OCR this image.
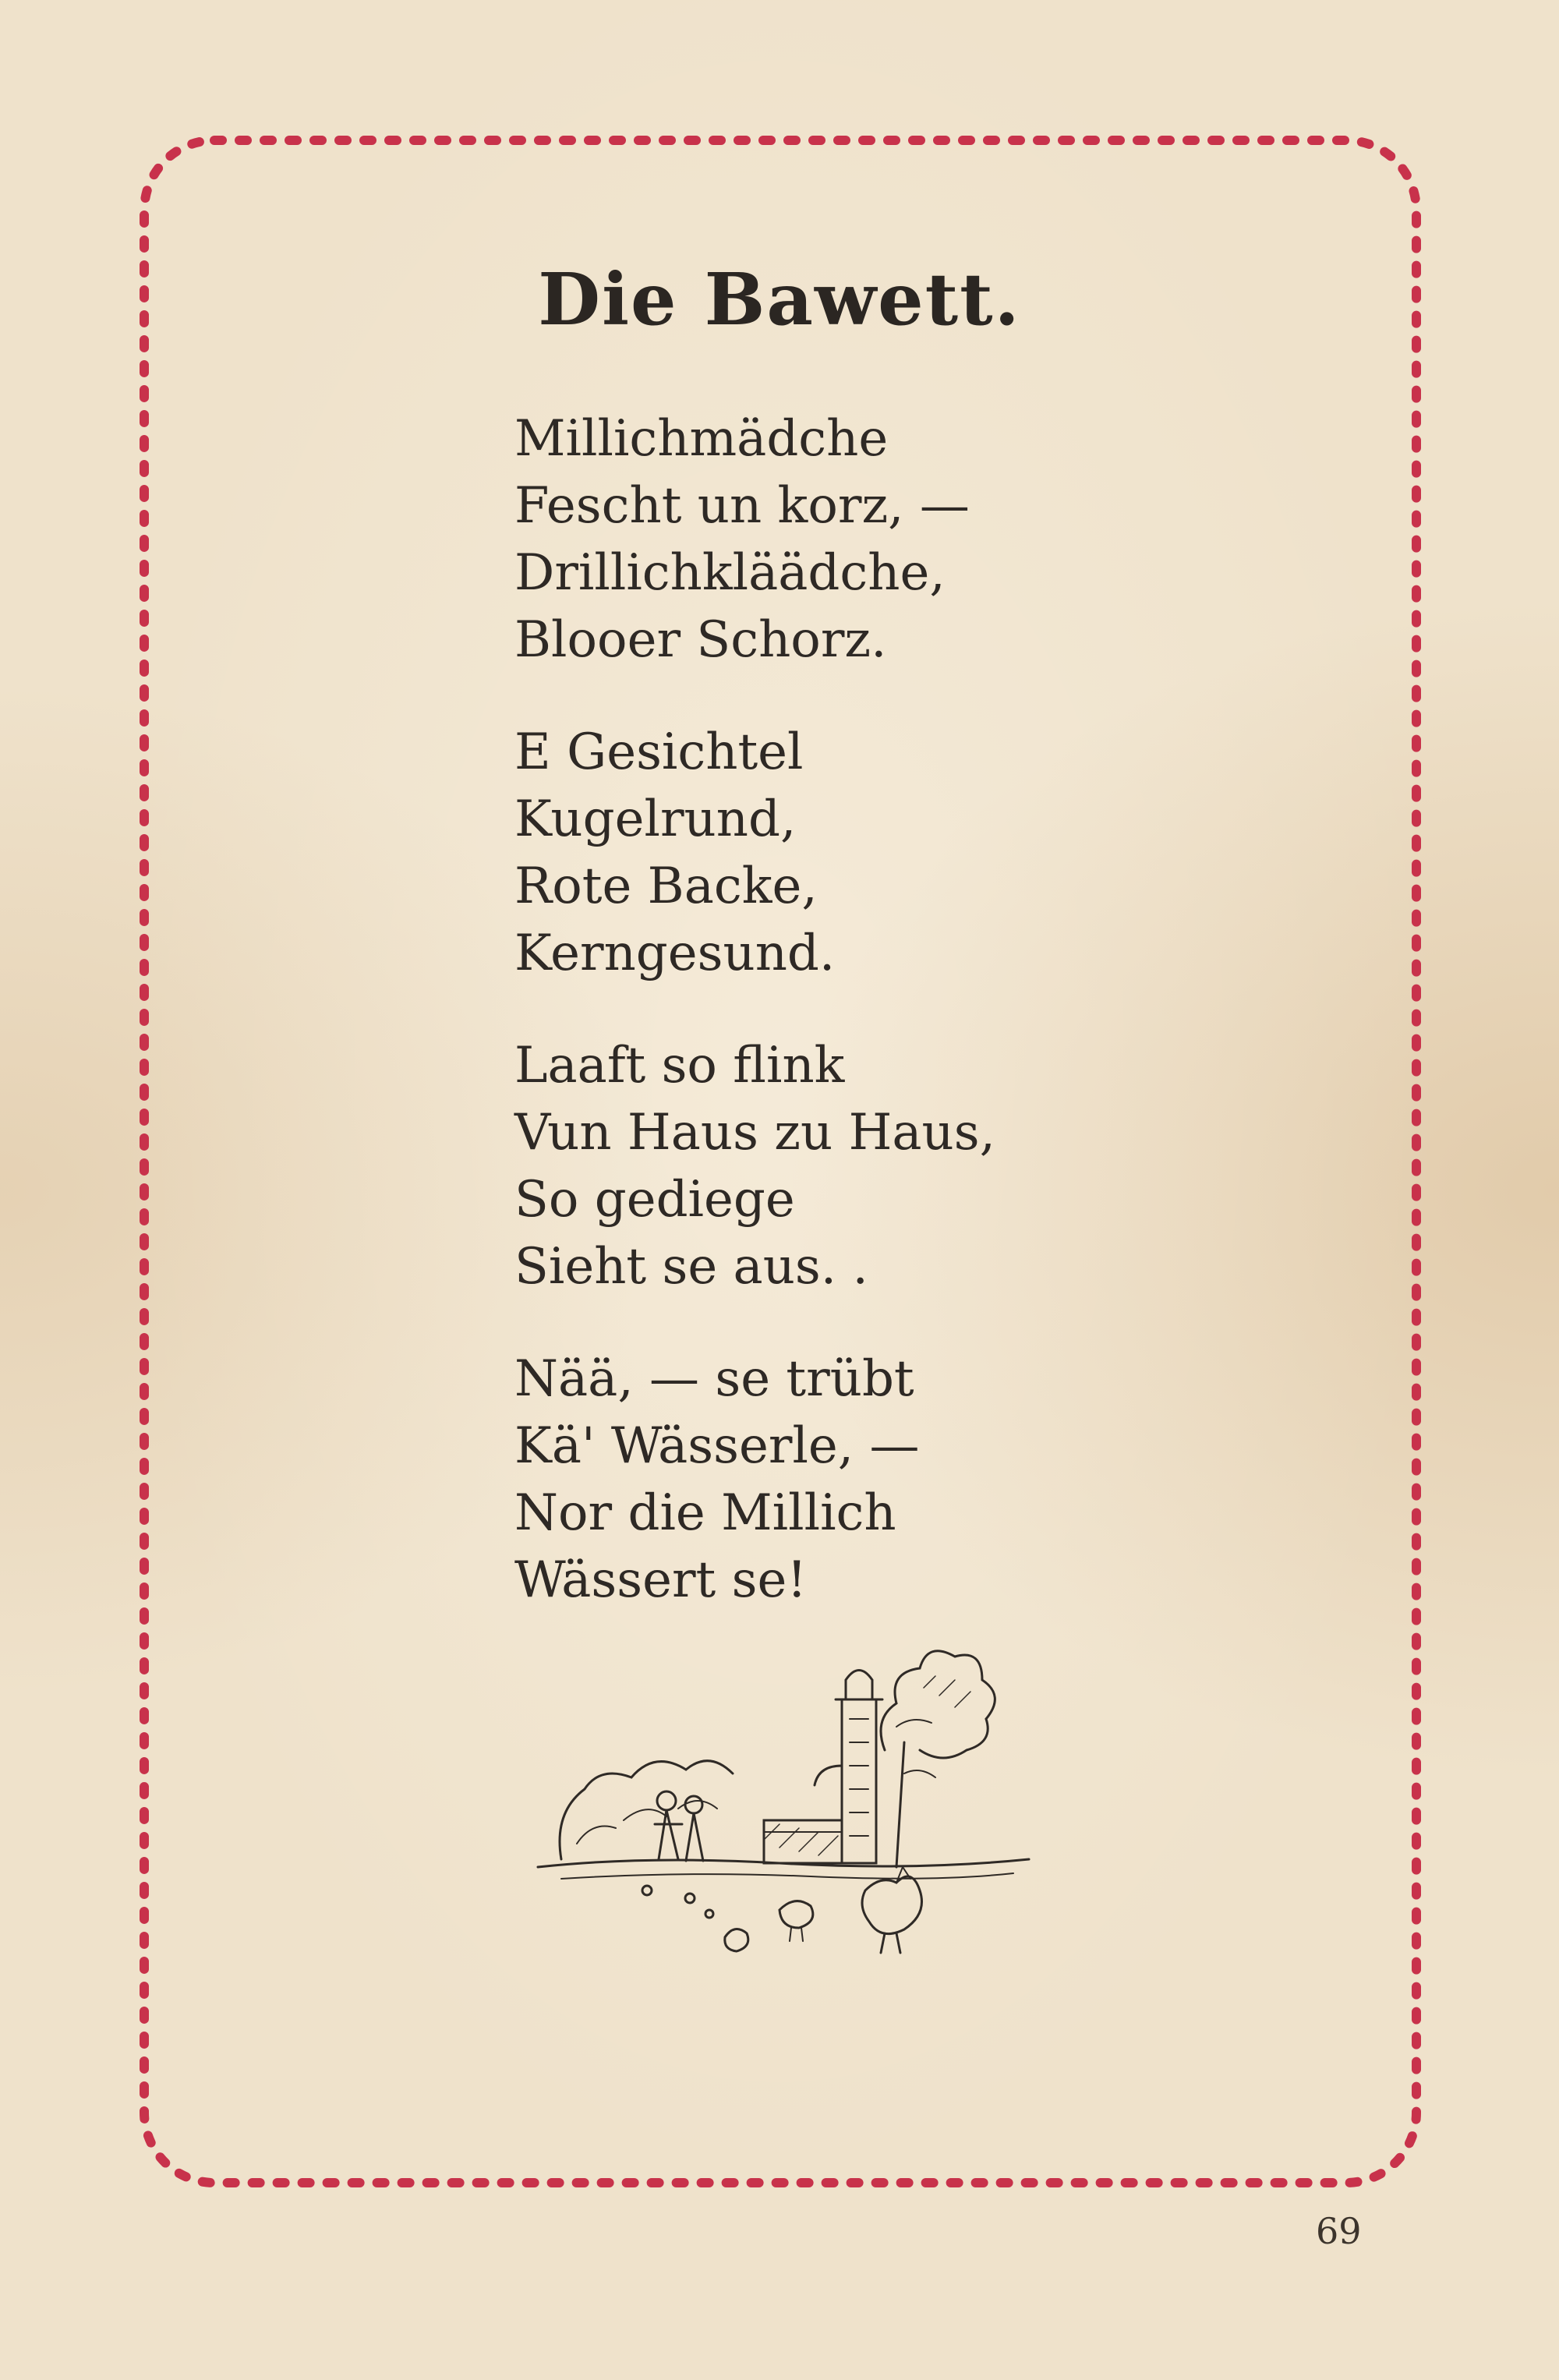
Die Bawett.
Millichmädche
Fescht un korz, —
Drillichkläädche,
Blooer Schorz.
E Gesichtel
Kugelrund,
Rote Backe,
Kerngesund.
Laaft so flink
Vun Haus zu Haus,
So gediege
Sieht se aus. .
Nää, — se trübt
Kä' Wässerle, —
Nor die Millich
Wässert se!
69
